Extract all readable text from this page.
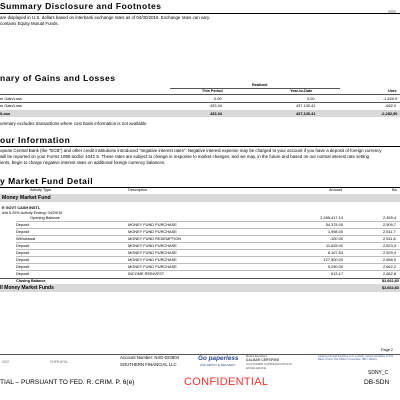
Summary Disclosure and Footnotes
are displayed in U.S. dollars based on interbank exchange rates as of 04/30/2016. Exchange rates can vary.
contains Equity Mutual Funds.
nary of Gains and Losses
Realized
This Period	Year-to-Date	Unre
m Gain/Loss	0.00	0.00	-1,620,9
m Gain/Loss	433.34	437,130.41	-662,0
/Loss	433.34	437,130.41	-2,282,90
ummary excludes transactions where cost basis information is not available.
our Information
opean Central Bank (the "ECB") and other credit institutions introduced "negative interest rates". Negative interest expense may be charged to your account if you have a deposit of foreign currency
will be reported on your Forms 1099 and/or 1042 S. These rates are subject to change in response to market changes, and we may, in the future and based on our normal interest rate setting
ients, begin to charge negative interest rates on additional foreign currency balances.
y Market Fund Detail
Activity Type	Description	Amount	Ba
Money Market Fund
E GOVT CASH INSTL
ield 0.29% Activity Ending: 04/29/16
Opening Balance	2,455,417.14	2,455,4
Deposit	MONEY FUND PURCHASE	54,375.00	2,509,7
Deposit	MONEY FUND PURCHASE	1,998.00	2,511,7
Withdrawal	MONEY FUND REDEMPTION	-100.00	2,511,6
Deposit	MONEY FUND PURCHASE	11,625.00	2,523,3
Deposit	MONEY FUND PURCHASE	6,107.83	2,529,4
Deposit	MONEY FUND PURCHASE	127,500.00	2,656,9
Deposit	MONEY FUND PURCHASE	5,290.00	2,662,2
Deposit	INCOME REINVEST	613.17	2,662,8
Closing Balance	$2,662,83
ll Money Market Funds	$2,662,83
Page 2
VICE	CHER HOLL
Account Number: N4G-023804
SOUTHERN FINANCIAL LLC
Go paperless
ASK ABOUT E-DELIVERY
Rated Excellent
DALBAR CERTIFIED
CUSTOMER COMMUNICATIONS
EXCELLENCE
Clearing through Pershing LLC, a wholly owned subsidiary of The Bank of New York Mellon Corporation (BNY Mellon)
SDNY_C
TIAL – PURSUANT TO FED. R. CRIM. P. 6(e)	CONFIDENTIAL	DB-SDN
